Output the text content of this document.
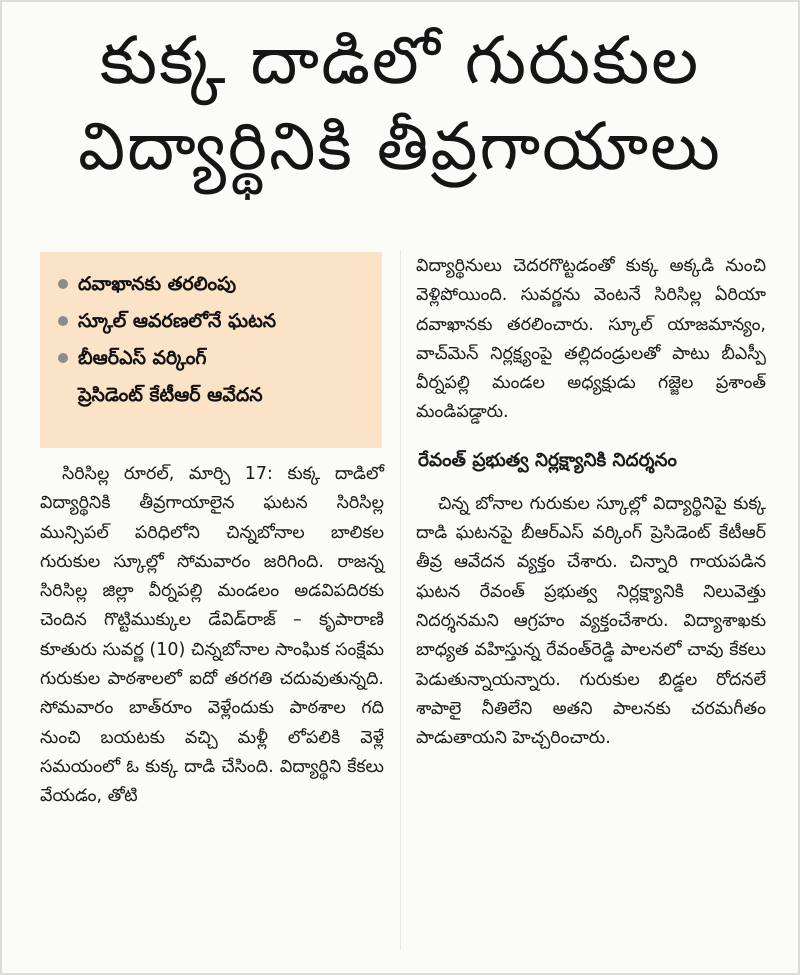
కుక్క దాడిలో గురుకుల
విద్యార్థినికి తీవ్రగాయాలు
దవాఖానకు తరలింపు
స్కూల్ ఆవరణలోనే ఘటన
బీఆర్ఎస్ వర్కింగ్
ప్రెసిడెంట్ కేటీఆర్ ఆవేదన

సిరిసిల్ల రూరల్, మార్చి 17: కుక్క దాడిలో విద్యార్థినికి తీవ్రగాయాలైన ఘటన సిరిసిల్ల మున్సిపల్ పరిధిలోని చిన్నబోనాల బాలికల గురుకుల స్కూల్లో సోమవారం జరిగింది. రాజన్న సిరిసిల్ల జిల్లా వీర్నపల్లి మండలం అడవిపదిరకు చెందిన గొట్టిముక్కుల డేవిడ్‌రాజ్ – కృపారాణి కూతురు సువర్ణ (10) చిన్నబోనాల సాంఘిక సంక్షేమ గురుకుల పాఠశాలలో ఐదో తరగతి చదువుతున్నది. సోమవారం బాత్‌రూం వెళ్లేందుకు పాఠశాల గది నుంచి బయటకు వచ్చి మళ్లీ లోపలికి వెళ్లే సమయంలో ఓ కుక్క దాడి చేసింది. విద్యార్థిని కేకలు వేయడం, తోటి

విద్యార్థినులు చెదరగొట్టడంతో కుక్క అక్కడి నుంచి వెళ్లిపోయింది. సువర్ణను వెంటనే సిరిసిల్ల ఏరియా దవాఖానకు తరలించారు. స్కూల్ యాజమాన్యం, వాచ్‌మెన్ నిర్లక్ష్యంపై తల్లిదండ్రులతో పాటు బీఎస్పీ వీర్నపల్లి మండల అధ్యక్షుడు గజ్జెల ప్రశాంత్ మండిపడ్డారు.

రేవంత్ ప్రభుత్వ నిర్లక్ష్యానికి నిదర్శనం

చిన్న బోనాల గురుకుల స్కూల్లో విద్యార్థినిపై కుక్క దాడి ఘటనపై బీఆర్ఎస్ వర్కింగ్ ప్రెసిడెంట్ కేటీఆర్ తీవ్ర ఆవేదన వ్యక్తం చేశారు. చిన్నారి గాయపడిన ఘటన రేవంత్ ప్రభుత్వ నిర్లక్ష్యానికి నిలువెత్తు నిదర్శనమని ఆగ్రహం వ్యక్తంచేశారు. విద్యాశాఖకు బాధ్యత వహిస్తున్న రేవంత్‌రెడ్డి పాలనలో చావు కేకలు పెడుతున్నాయన్నారు. గురుకుల బిడ్డల రోదనలే శాపాలై నీతిలేని అతని పాలనకు చరమగీతం పాడుతాయని హెచ్చరించారు.
